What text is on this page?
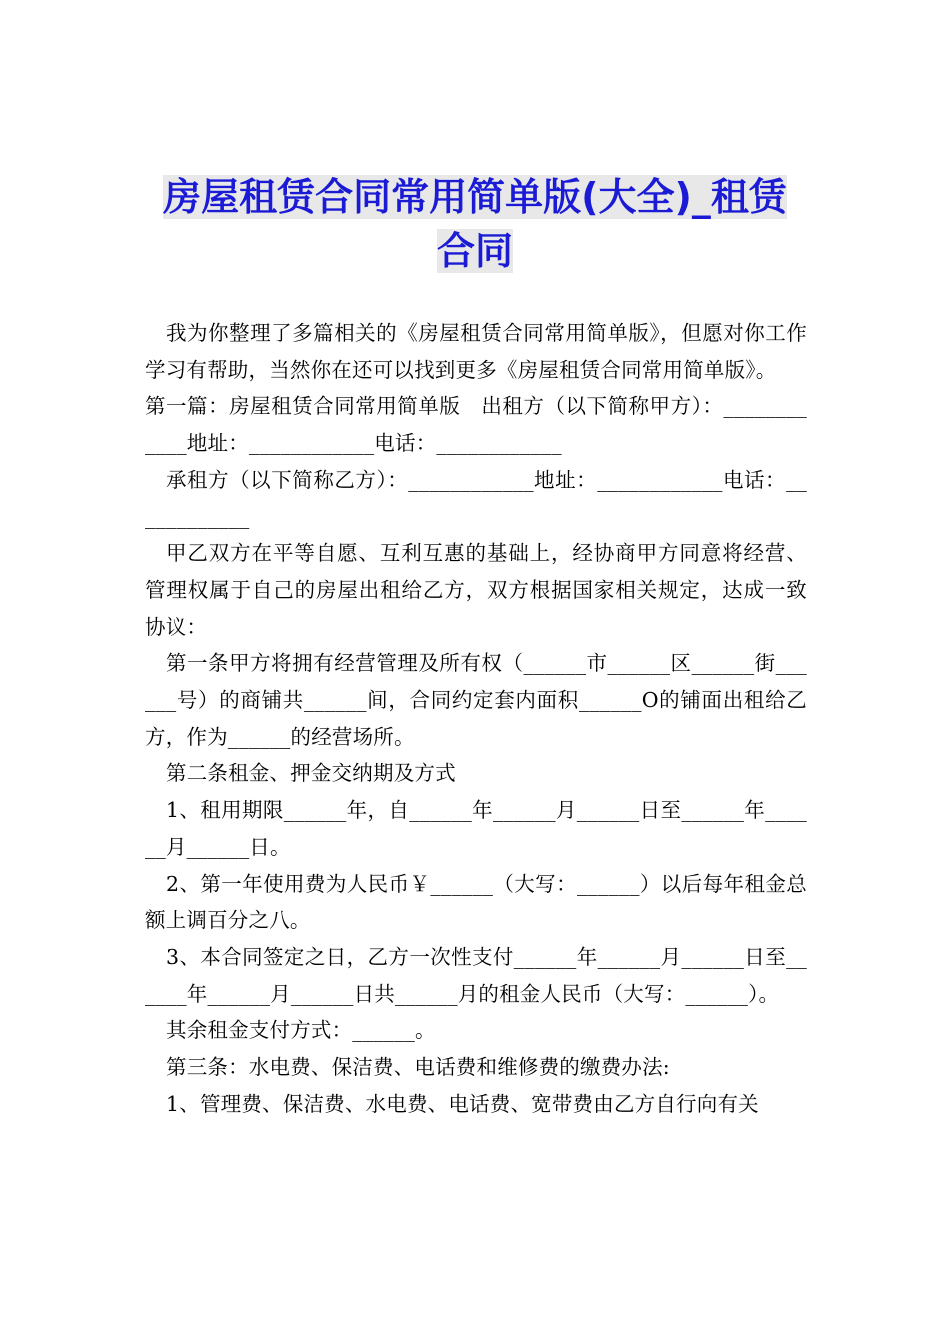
房屋租赁合同常用简单版(大全)_租赁
合同

我为你整理了多篇相关的《房屋租赁合同常用简单版》，但愿对你工作学习有帮助，当然你在还可以找到更多《房屋租赁合同常用简单版》。

第一篇：房屋租赁合同常用简单版　出租方（以下简称甲方）：____________地址：____________电话：____________

承租方（以下简称乙方）：____________地址：____________电话：____________

甲乙双方在平等自愿、互利互惠的基础上，经协商甲方同意将经营、管理权属于自己的房屋出租给乙方，双方根据国家相关规定，达成一致协议：

第一条甲方将拥有经营管理及所有权（______市______区______街______号）的商铺共______间，合同约定套内面积______O的铺面出租给乙方，作为______的经营场所。

第二条租金、押金交纳期及方式

1、租用期限______年，自______年______月______日至______年______月______日。

2、第一年使用费为人民币￥______（大写：______）以后每年租金总额上调百分之八。

3、本合同签定之日，乙方一次性支付______年______月______日至______年______月______日共______月的租金人民币（大写：______）。

其余租金支付方式：______。

第三条：水电费、保洁费、电话费和维修费的缴费办法:

1、管理费、保洁费、水电费、电话费、宽带费由乙方自行向有关
